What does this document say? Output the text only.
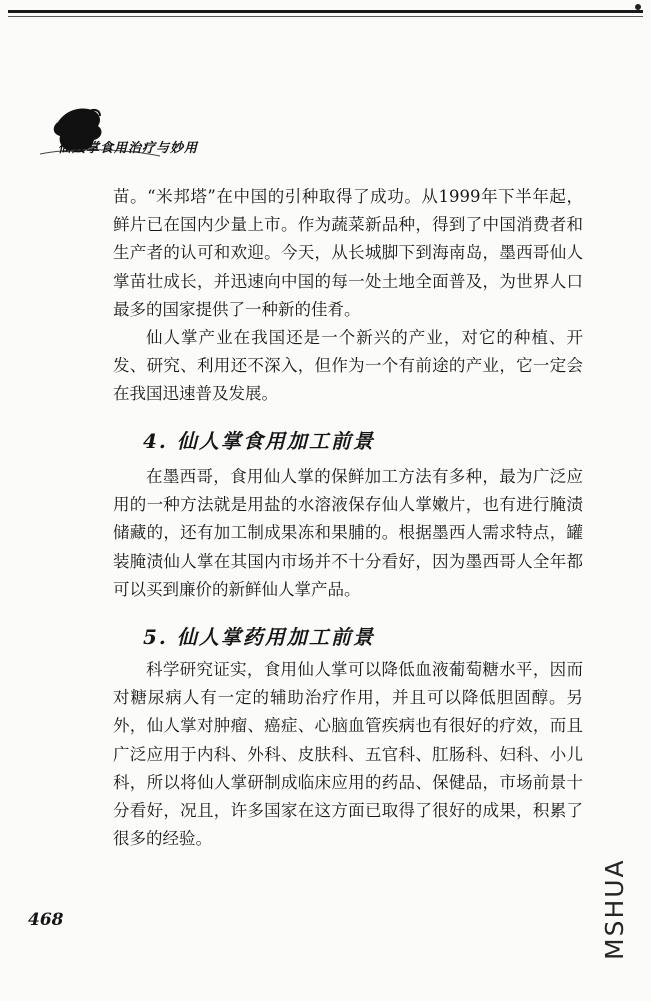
仙人掌食用治疗与妙用

苗。“米邦塔”在中国的引种取得了成功。从1999年下半年起，鲜片已在国内少量上市。作为蔬菜新品种，得到了中国消费者和生产者的认可和欢迎。今天，从长城脚下到海南岛，墨西哥仙人掌苗壮成长，并迅速向中国的每一处土地全面普及，为世界人口最多的国家提供了一种新的佳肴。

仙人掌产业在我国还是一个新兴的产业，对它的种植、开发、研究、利用还不深入，但作为一个有前途的产业，它一定会在我国迅速普及发展。

4. 仙人掌食用加工前景

在墨西哥，食用仙人掌的保鲜加工方法有多种，最为广泛应用的一种方法就是用盐的水溶液保存仙人掌嫩片，也有进行腌渍储藏的，还有加工制成果冻和果脯的。根据墨西人需求特点，罐装腌渍仙人掌在其国内市场并不十分看好，因为墨西哥人全年都可以买到廉价的新鲜仙人掌产品。

5. 仙人掌药用加工前景

科学研究证实，食用仙人掌可以降低血液葡萄糖水平，因而对糖尿病人有一定的辅助治疗作用，并且可以降低胆固醇。另外，仙人掌对肿瘤、癌症、心脑血管疾病也有很好的疗效，而且广泛应用于内科、外科、皮肤科、五官科、肛肠科、妇科、小儿科，所以将仙人掌研制成临床应用的药品、保健品，市场前景十分看好，况且，许多国家在这方面已取得了很好的成果，积累了很多的经验。

468	MSHUA
